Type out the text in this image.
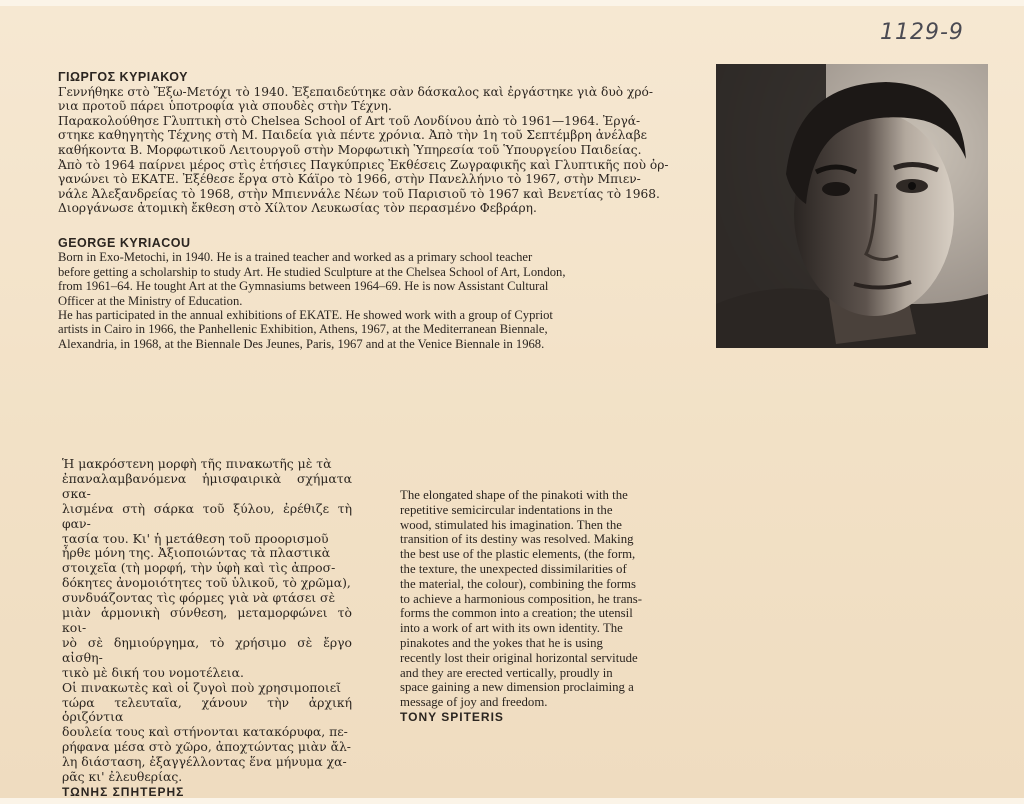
1129-9

ΓΙΩΡΓΟΣ ΚΥΡΙΑΚΟΥ

Γεννήθηκε στὸ Ἔξω-Μετόχι τὸ 1940. Ἐξεπαιδεύτηκε σὰν δάσκαλος καὶ ἐργάστηκε γιὰ δυὸ χρό-

νια προτοῦ πάρει ὑποτροφία γιὰ σπουδὲς στὴν Τέχνη.

Παρακολούθησε Γλυπτικὴ στὸ Chelsea School of Art τοῦ Λονδίνου ἀπὸ τὸ 1961—1964. Ἐργά-

στηκε καθηγητὴς Τέχνης στὴ Μ. Παιδεία γιὰ πέντε χρόνια. Ἀπὸ τὴν 1η τοῦ Σεπτέμβρη ἀνέλαβε

καθήκοντα Β. Μορφωτικοῦ Λειτουργοῦ στὴν Μορφωτικὴ Ὑπηρεσία τοῦ Ὑπουργείου Παιδείας.

Ἀπὸ τὸ 1964 παίρνει μέρος στὶς ἐτήσιες Παγκύπριες Ἐκθέσεις Ζωγραφικῆς καὶ Γλυπτικῆς ποὺ ὀρ-

γανώνει τὸ ΕΚΑΤΕ. Ἐξέθεσε ἔργα στὸ Κάϊρο τὸ 1966, στὴν Πανελλήνιο τὸ 1967, στὴν Μπιεν-

νάλε Ἀλεξανδρείας τὸ 1968, στὴν Μπιεννάλε Νέων τοῦ Παρισιοῦ τὸ 1967 καὶ Βενετίας τὸ 1968.

Διοργάνωσε ἀτομικὴ ἔκθεση στὸ Χίλτον Λευκωσίας τὸν περασμένο Φεβράρη.

GEORGE KYRIACOU

Born in Exo-Metochi, in 1940. He is a trained teacher and worked as a primary school teacher

before getting a scholarship to study Art. He studied Sculpture at the Chelsea School of Art, London,

from 1961–64. He tought Art at the Gymnasiums between 1964–69. He is now Assistant Cultural

Officer at the Ministry of Education.

He has participated in the annual exhibitions of EKATE. He showed work with a group of Cypriot

artists in Cairo in 1966, the Panhellenic Exhibition, Athens, 1967, at the Mediterranean Biennale,

Alexandria, in 1968, at the Biennale Des Jeunes, Paris, 1967 and at the Venice Biennale in 1968.

Ἡ μακρόστενη μορφὴ τῆς πινακωτῆς μὲ τὰ

ἐπαναλαμβανόμενα ἡμισφαιρικὰ σχήματα σκα-

λισμένα στὴ σάρκα τοῦ ξύλου, ἐρέθιζε τὴ φαν-

τασία του. Κι' ἡ μετάθεση τοῦ προορισμοῦ

ἦρθε μόνη της. Ἀξιοποιώντας τὰ πλαστικὰ

στοιχεῖα (τὴ μορφή, τὴν ὑφὴ καὶ τὶς ἀπροσ-

δόκητες ἀνομοιότητες τοῦ ὑλικοῦ, τὸ χρῶμα),

συνδυάζοντας τὶς φόρμες γιὰ νὰ φτάσει σὲ

μιὰν ἁρμονικὴ σύνθεση, μεταμορφώνει τὸ κοι-

νὸ σὲ δημιούργημα, τὸ χρήσιμο σὲ ἔργο αἰσθη-

τικὸ μὲ δική του νομοτέλεια.

Οἱ πινακωτὲς καὶ οἱ ζυγοὶ ποὺ χρησιμοποιεῖ

τώρα τελευταῖα, χάνουν τὴν ἀρχική ὁριζόντια

δουλεία τους καὶ στήνονται κατακόρυφα, πε-

ρήφανα μέσα στὸ χῶρο, ἀποχτώντας μιὰν ἄλ-

λη διάσταση, ἐξαγγέλλοντας ἕνα μήνυμα χα-

ρᾶς κι' ἐλευθερίας.

ΤΩΝΗΣ ΣΠΗΤΕΡΗΣ

The elongated shape of the pinakoti with the

repetitive semicircular indentations in the

wood, stimulated his imagination. Then the

transition of its destiny was resolved. Making

the best use of the plastic elements, (the form,

the texture, the unexpected dissimilarities of

the material, the colour), combining the forms

to achieve a harmonious composition, he trans-

forms the common into a creation; the utensil

into a work of art with its own identity. The

pinakotes and the yokes that he is using

recently lost their original horizontal servitude

and they are erected vertically, proudly in

space gaining a new dimension proclaiming a

message of joy and freedom.

TONY SPITERIS
